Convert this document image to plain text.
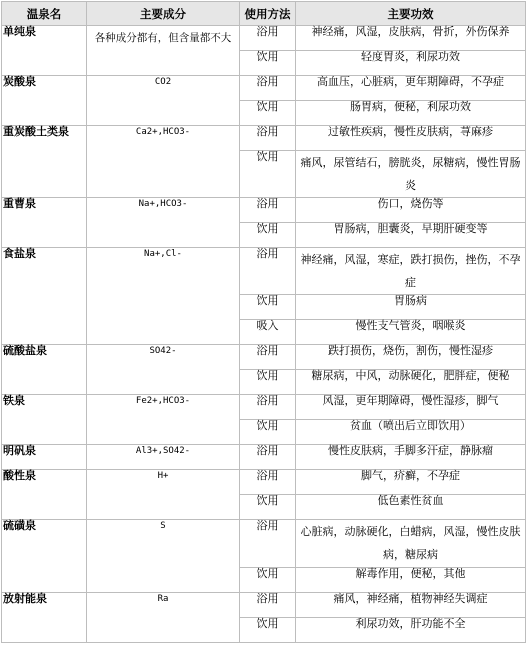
温泉名	主要成分	使用方法	主要功效
单纯泉	各种成分都有，但含量都不大	浴用	神经痛，风湿，皮肤病，骨折，外伤保养
		饮用	轻度胃炎，利尿功效
炭酸泉	CO2	浴用	高血压，心脏病，更年期障碍，不孕症
		饮用	肠胃病，便秘，利尿功效
重炭酸土类泉	Ca2+,HCO3-	浴用	过敏性疾病，慢性皮肤病，荨麻疹
		饮用	痛风，尿管结石，膀胱炎，尿糖病，慢性胃肠炎
重曹泉	Na+,HCO3-	浴用	伤口，烧伤等
		饮用	胃肠病，胆囊炎，早期肝硬变等
食盐泉	Na+,Cl-	浴用	神经痛，风湿，寒症，跌打损伤，挫伤，不孕症
		饮用	胃肠病
		吸入	慢性支气管炎，咽喉炎
硫酸盐泉	SO42-	浴用	跌打损伤，烧伤，割伤，慢性湿疹
		饮用	糖尿病，中风，动脉硬化，肥胖症，便秘
铁泉	Fe2+,HCO3-	浴用	风湿，更年期障碍，慢性湿疹，脚气
		饮用	贫血（喷出后立即饮用）
明矾泉	Al3+,SO42-	浴用	慢性皮肤病，手脚多汗症，静脉瘤
酸性泉	H+	浴用	脚气，疥癣，不孕症
		饮用	低色素性贫血
硫磺泉	S	浴用	心脏病，动脉硬化，白蜡病，风湿，慢性皮肤病，糖尿病
		饮用	解毒作用，便秘，其他
放射能泉	Ra	浴用	痛风，神经痛，植物神经失调症
		饮用	利尿功效，肝功能不全
